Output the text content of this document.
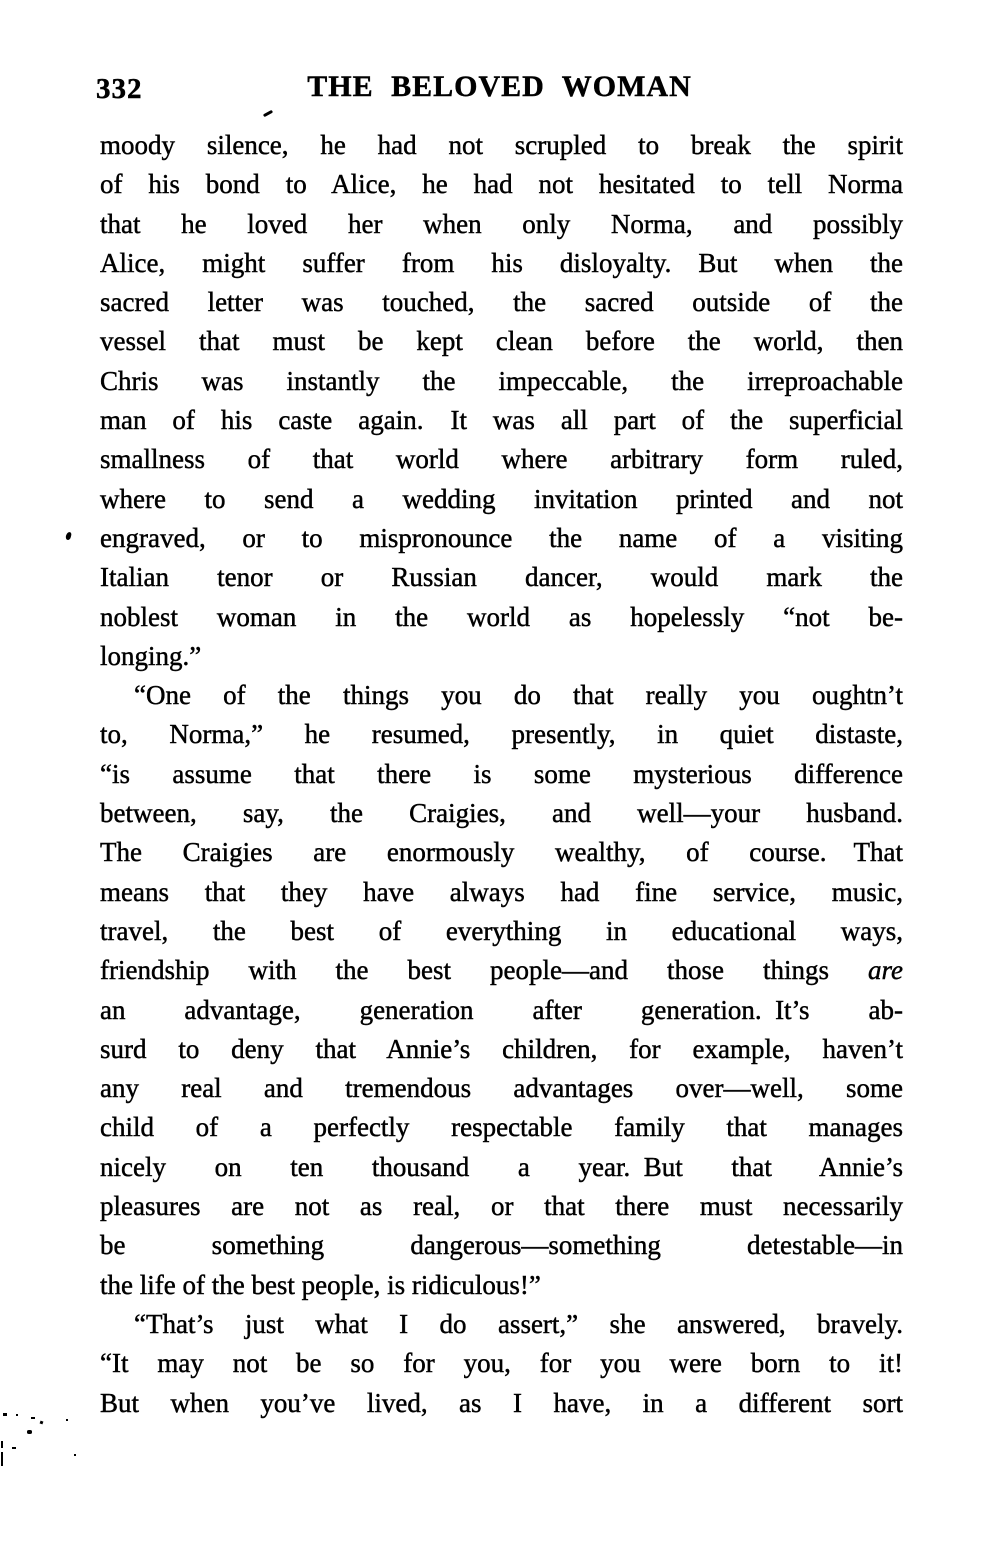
332	THE BELOVED WOMAN
moody silence, he had not scrupled to break the spirit
of his bond to Alice, he had not hesitated to tell Norma
that he loved her when only Norma, and possibly
Alice, might suffer from his disloyalty. But when the
sacred letter was touched, the sacred outside of the
vessel that must be kept clean before the world, then
Chris was instantly the impeccable, the irreproachable
man of his caste again. It was all part of the superficial
smallness of that world where arbitrary form ruled,
where to send a wedding invitation printed and not
engraved, or to mispronounce the name of a visiting
Italian tenor or Russian dancer, would mark the
noblest woman in the world as hopelessly “not be-
longing.”
“One of the things you do that really you oughtn’t
to, Norma,” he resumed, presently, in quiet distaste,
“is assume that there is some mysterious difference
between, say, the Craigies, and well—your husband.
The Craigies are enormously wealthy, of course. That
means that they have always had fine service, music,
travel, the best of everything in educational ways,
friendship with the best people—and those things are
an advantage, generation after generation. It’s ab-
surd to deny that Annie’s children, for example, haven’t
any real and tremendous advantages over—well, some
child of a perfectly respectable family that manages
nicely on ten thousand a year. But that Annie’s
pleasures are not as real, or that there must necessarily
be something dangerous—something detestable—in
the life of the best people, is ridiculous!”
“That’s just what I do assert,” she answered, bravely.
“It may not be so for you, for you were born to it!
But when you’ve lived, as I have, in a different sort
